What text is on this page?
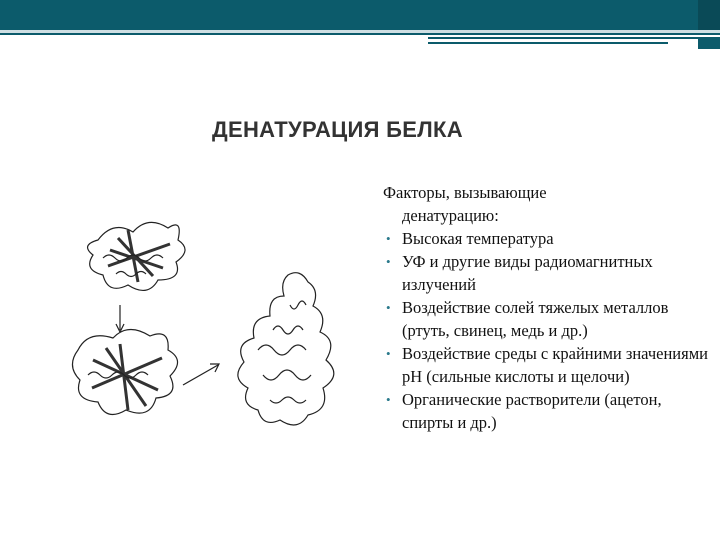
ДЕНАТУРАЦИЯ БЕЛКА
Факторы, вызывающие
денатурацию:
• Высокая температура
• УФ и другие виды радиомагнитных излучений
• Воздействие солей тяжелых металлов (ртуть, свинец, медь и др.)
• Воздействие среды с крайними значениями pH (сильные кислоты и щелочи)
• Органические растворители (ацетон, спирты и др.)
